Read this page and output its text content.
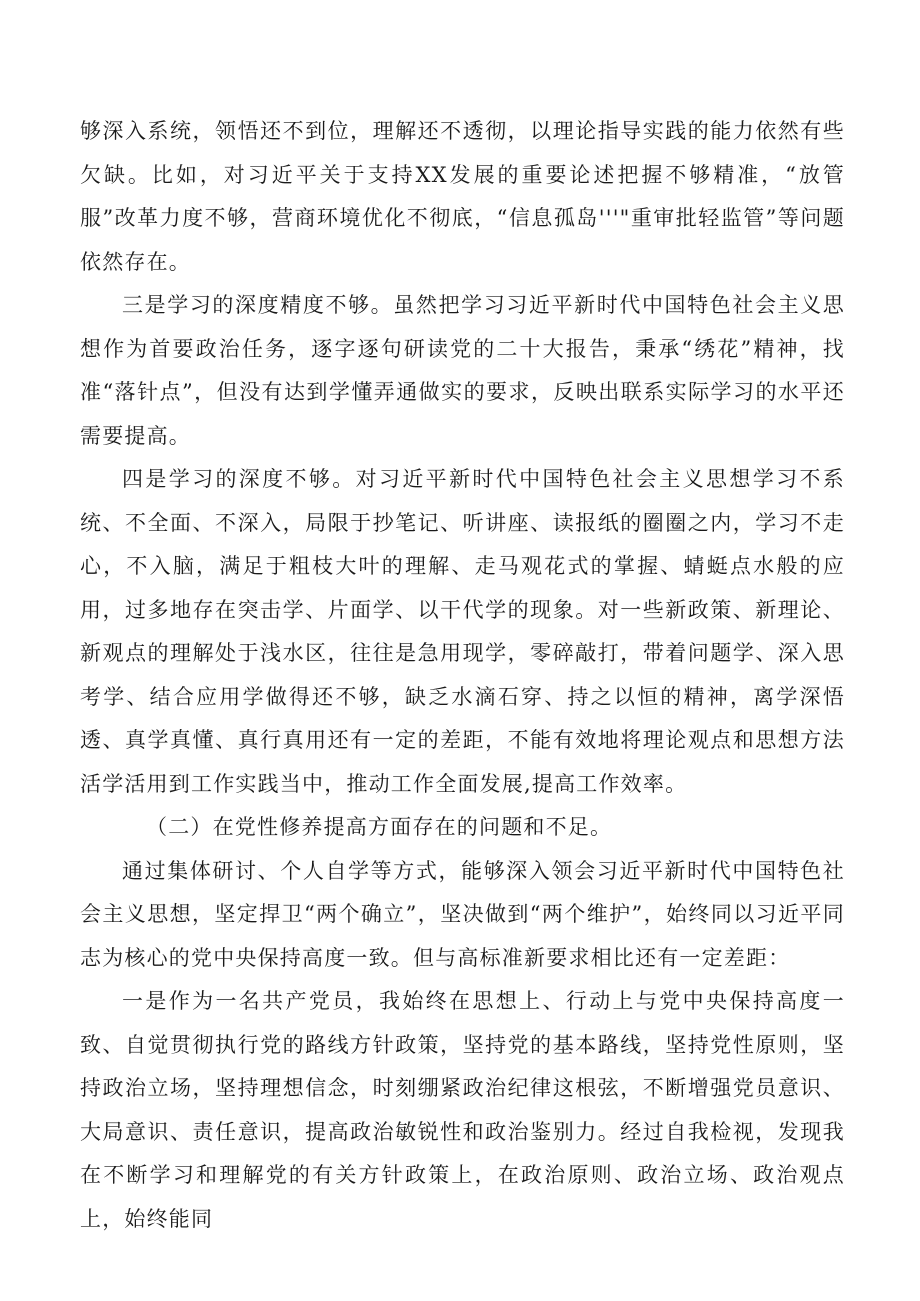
够深入系统，领悟还不到位，理解还不透彻，以理论指导实践的能力依然有些欠缺。比如，对习近平关于支持XX发展的重要论述把握不够精准，“放管服”改革力度不够，营商环境优化不彻底，“信息孤岛'''"重审批轻监管”等问题依然存在。

三是学习的深度精度不够。虽然把学习习近平新时代中国特色社会主义思想作为首要政治任务，逐字逐句研读党的二十大报告，秉承“绣花”精神，找准“落针点”，但没有达到学懂弄通做实的要求，反映出联系实际学习的水平还需要提高。

四是学习的深度不够。对习近平新时代中国特色社会主义思想学习不系统、不全面、不深入，局限于抄笔记、听讲座、读报纸的圈圈之内，学习不走心，不入脑，满足于粗枝大叶的理解、走马观花式的掌握、蜻蜓点水般的应用，过多地存在突击学、片面学、以干代学的现象。对一些新政策、新理论、新观点的理解处于浅水区，往往是急用现学，零碎敲打，带着问题学、深入思考学、结合应用学做得还不够，缺乏水滴石穿、持之以恒的精神，离学深悟透、真学真懂、真行真用还有一定的差距，不能有效地将理论观点和思想方法活学活用到工作实践当中，推动工作全面发展,提高工作效率。

（二）在党性修养提高方面存在的问题和不足。

通过集体研讨、个人自学等方式，能够深入领会习近平新时代中国特色社会主义思想，坚定捍卫“两个确立”，坚决做到“两个维护”，始终同以习近平同志为核心的党中央保持高度一致。但与高标准新要求相比还有一定差距：

一是作为一名共产党员，我始终在思想上、行动上与党中央保持高度一致、自觉贯彻执行党的路线方针政策，坚持党的基本路线，坚持党性原则，坚持政治立场，坚持理想信念，时刻绷紧政治纪律这根弦，不断增强党员意识、大局意识、责任意识，提高政治敏锐性和政治鉴别力。经过自我检视，发现我在不断学习和理解党的有关方针政策上，在政治原则、政治立场、政治观点上，始终能同
